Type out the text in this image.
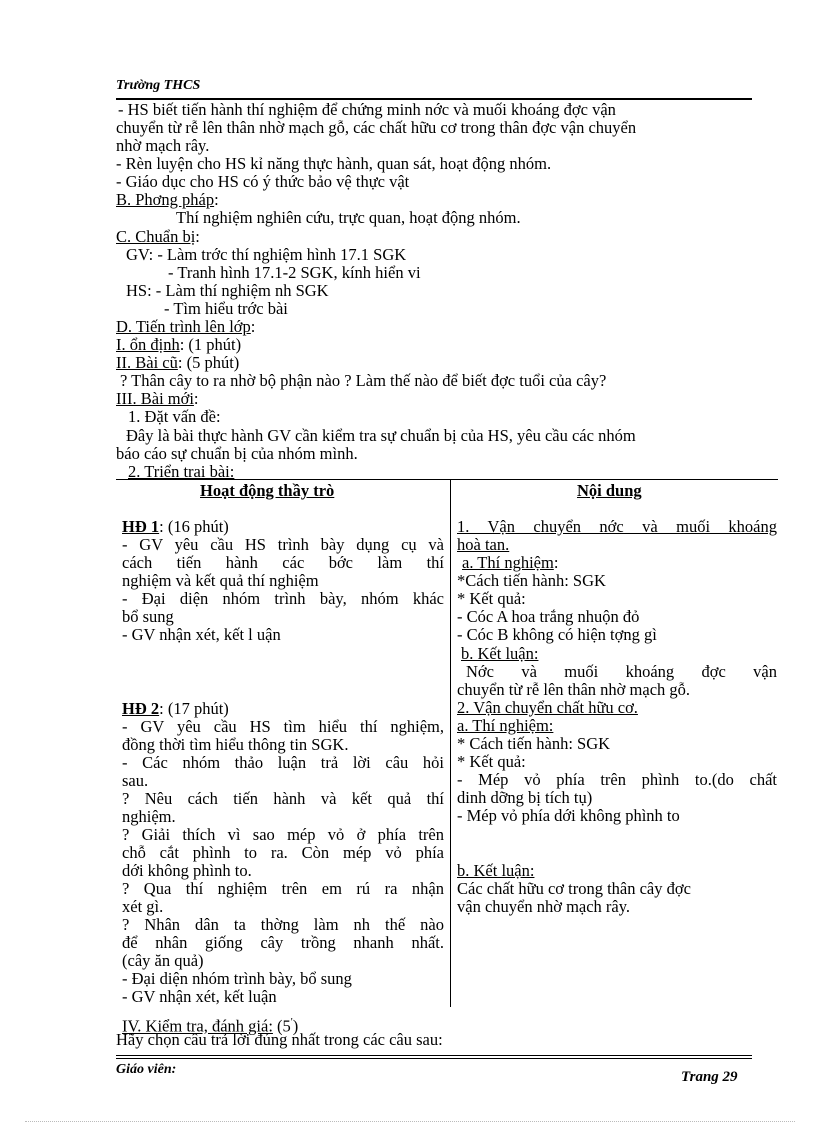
Trường THCS
- HS biết tiến hành thí nghiệm để chứng minh nớc và muối khoáng đợc vận
chuyển từ rễ lên thân nhờ mạch gỗ, các chất hữu cơ trong thân đợc vận chuyển
nhờ mạch rây.
- Rèn luyện cho HS kỉ năng thực hành, quan sát, hoạt động nhóm.
- Giáo dục cho HS có ý thức bảo vệ thực vật
B. Phơng pháp:
Thí nghiệm nghiên cứu, trực quan, hoạt động nhóm.
C. Chuẩn bị:
GV: - Làm trớc thí nghiệm hình 17.1 SGK
- Tranh hình 17.1-2 SGK, kính hiển vi
HS: - Làm thí nghiệm nh SGK
- Tìm hiểu trớc bài
D. Tiến trình lên lớp:
I. ổn định: (1 phút)
II. Bài cũ: (5 phút)
? Thân cây to ra nhờ bộ phận nào ? Làm thế nào để biết đợc tuổi của cây?
III. Bài mới:
1. Đặt vấn đề:
Đây là bài thực hành GV cần kiểm tra sự chuẩn bị của HS, yêu cầu các nhóm
báo cáo sự chuẩn bị của nhóm mình.
2. Triển trai bài:
Hoạt động thầy trò	Nội dung
HĐ 1: (16 phút)
- GV yêu cầu HS trình bày dụng cụ và
cách tiến hành các bớc làm thí
nghiệm và kết quả thí nghiệm
- Đại diện nhóm trình bày, nhóm khác
bổ sung
- GV nhận xét, kết l uận
HĐ 2: (17 phút)
- GV yêu cầu HS tìm hiểu thí nghiệm,
đồng thời tìm hiểu thông tin SGK.
- Các nhóm thảo luận trả lời câu hỏi
sau.
? Nêu cách tiến hành và kết quả thí
nghiệm.
? Giải thích vì sao mép vỏ ở phía trên
chỗ cắt phình to ra. Còn mép vỏ phía
dới không phình to.
? Qua thí nghiệm trên em rú ra nhận
xét gì.
? Nhân dân ta thờng làm nh thế nào
để nhân giống cây trồng nhanh nhất.
(cây ăn quả)
- Đại diện nhóm trình bày, bổ sung
- GV nhận xét, kết luận
1. Vận chuyển nớc và muối khoáng
hoà tan.
a. Thí nghiệm:
*Cách tiến hành: SGK
* Kết quả:
- Cóc A hoa trắng nhuộn đỏ
- Cóc B không có hiện tợng gì
b. Kết luận:
Nớc và muối khoáng đợc vận
chuyển từ rễ lên thân nhờ mạch gỗ.
2. Vận chuyển chất hữu cơ.
a. Thí nghiệm:
* Cách tiến hành: SGK
* Kết quả:
- Mép vỏ phía trên phình to.(do chất
dinh dỡng bị tích tụ)
- Mép vỏ phía dới không phình to
b. Kết luận:
Các chất hữu cơ trong thân cây đợc
vận chuyển nhờ mạch rây.
IV. Kiểm tra, đánh giá: (5')
Hãy chọn câu trả lời đúng nhất trong các câu sau:
Giáo viên:	Trang 29
